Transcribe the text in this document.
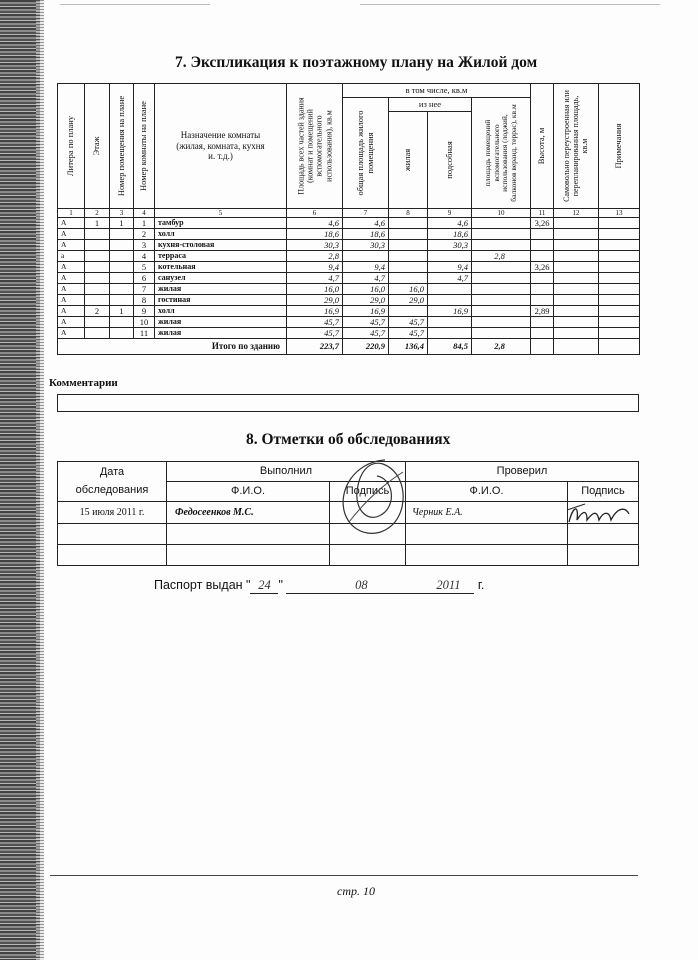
7. Экспликация к поэтажному плану на Жилой дом
Литера по плану	Этаж	Номер помещения на плане	Номер комнаты на плане	Назначение комнаты (жилая, комната, кухня и. т.д.)	Площадь всех частей здания (комнат и помещений вспомогательного использования), кв.м	в том числе, кв.м				Высота, м	Самовольно переустроенная или перепланированная площадь, кв.м	Примечания

						общая площадь жилого помещения	из нее		площадь помещений вспомогательного использования (лоджий, балконов веранд, террас), кв.м			

							жилая	подсобная				

1	2	3	4	5	6	7	8	9	10	11	12	13
А	1	1	1	тамбур	4,6	4,6		4,6		3,26		
А			2	холл	18,6	18,6		18,6				
А			3	кухня-столовая	30,3	30,3		30,3				
а			4	терраса	2,8				2,8			
А			5	котельная	9,4	9,4		9,4		3,26		
А			6	санузел	4,7	4,7		4,7				
А			7	жилая	16,0	16,0	16,0					
А			8	гостиная	29,0	29,0	29,0					
А	2	1	9	холл	16,9	16,9		16,9		2,89		
А			10	жилая	45,7	45,7	45,7					
А			11	жилая	45,7	45,7	45,7					
Итого по зданию					223,7	220,9	136,4	84,5	2,8			
Комментарии
8. Отметки об обследованиях
Дата обследования	Выполнил		Проверил	
	Ф.И.О.	Подпись	Ф.И.О.	Подпись
15 июля 2011 г.	Федосеенков М.С.		Черник Е.А.	

Паспорт выдан " 24 "	08	2011 г.
стр. 10
